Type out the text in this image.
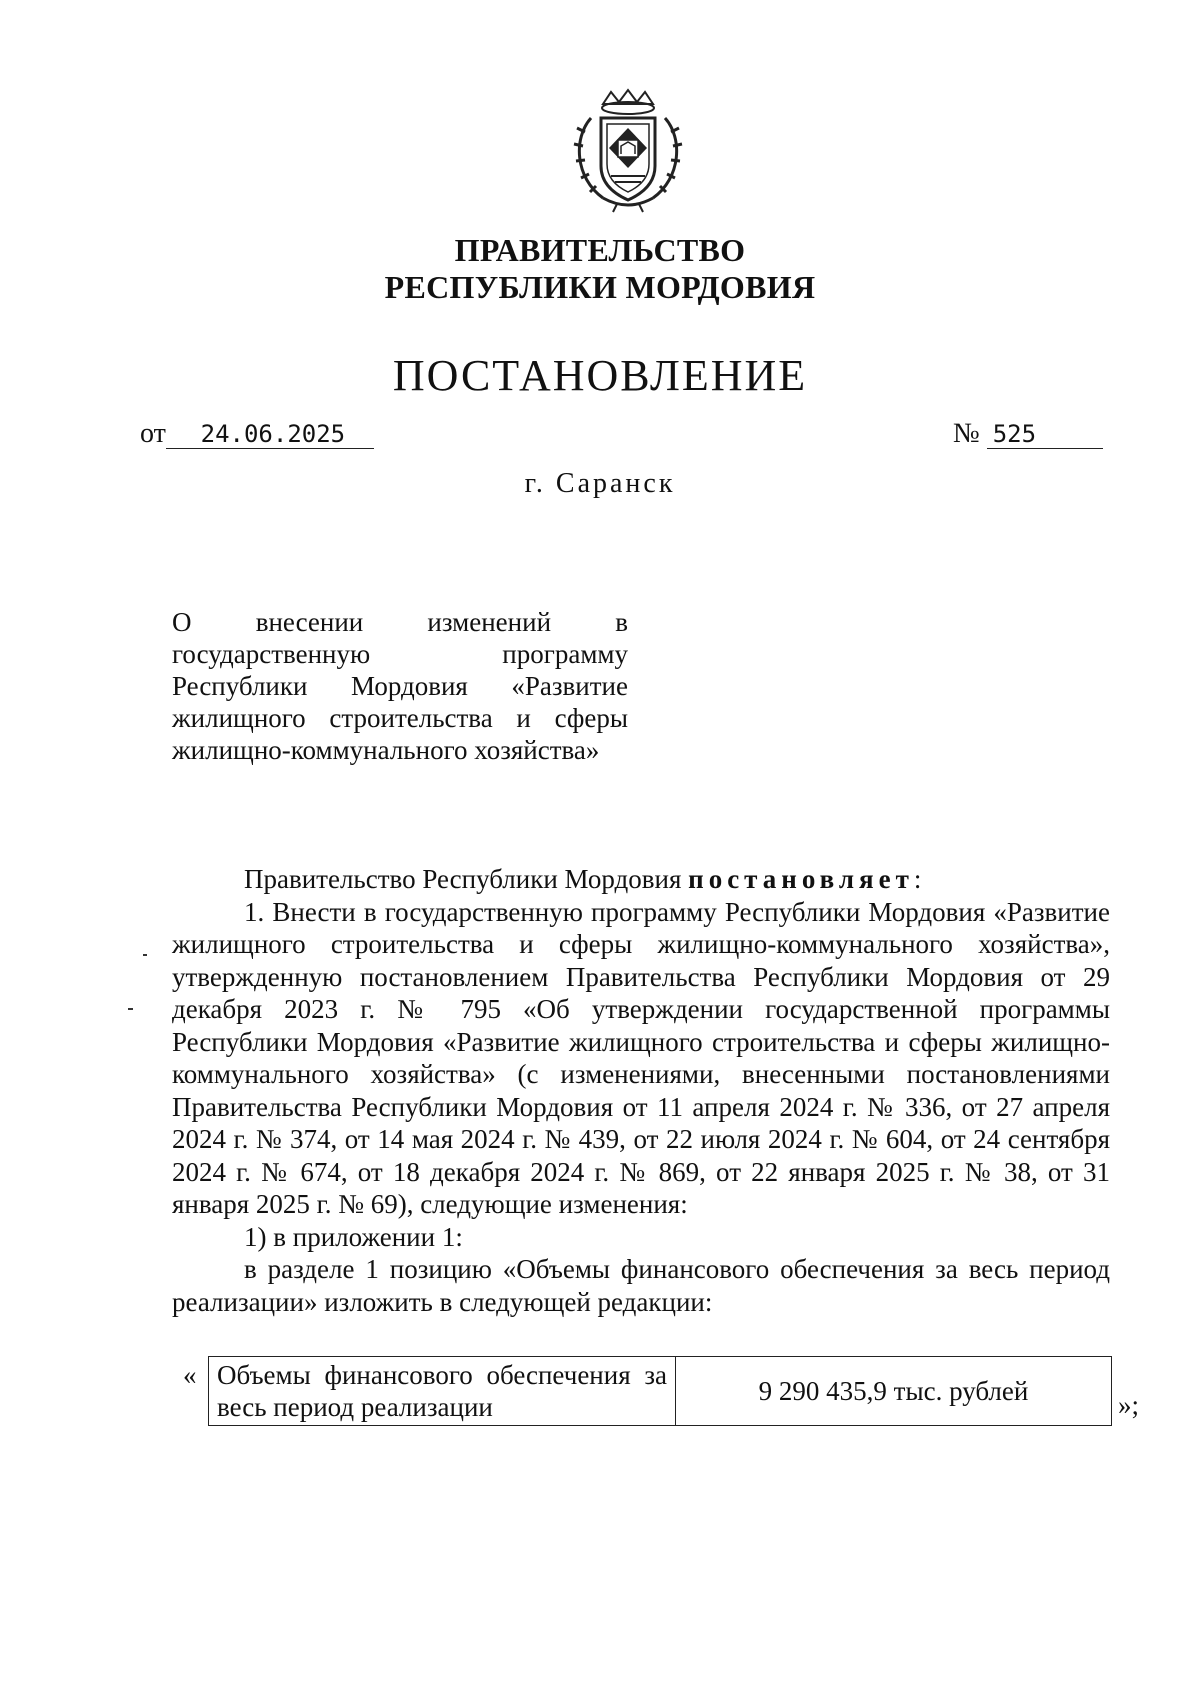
ПРАВИТЕЛЬСТВО
РЕСПУБЛИКИ МОРДОВИЯ
ПОСТАНОВЛЕНИЕ
от 24.06.2025	№ 525
г. Саранск
О внесении изменений в государственную программу Республики Мордовия «Развитие жилищного строительства и сферы жилищно-коммунального хозяйства»

Правительство Республики Мордовия постановляет:

1. Внести в государственную программу Республики Мордовия «Развитие жилищного строительства и сферы жилищно-коммунального хозяйства», утвержденную постановлением Правительства Республики Мордовия от 29 декабря 2023 г. № 795 «Об утверждении государственной программы Республики Мордовия «Развитие жилищного строительства и сферы жилищно-коммунального хозяйства» (с изменениями, внесенными постановлениями Правительства Республики Мордовия от 11 апреля 2024 г. № 336, от 27 апреля 2024 г. № 374, от 14 мая 2024 г. № 439, от 22 июля 2024 г. № 604, от 24 сентября 2024 г. № 674, от 18 декабря 2024 г. № 869, от 22 января 2025 г. № 38, от 31 января 2025 г. № 69), следующие изменения:

1) в приложении 1:

в разделе 1 позицию «Объемы финансового обеспечения за весь период реализации» изложить в следующей редакции:

« Объемы финансового обеспечения за весь период реализации	9 290 435,9 тыс. рублей	»;
